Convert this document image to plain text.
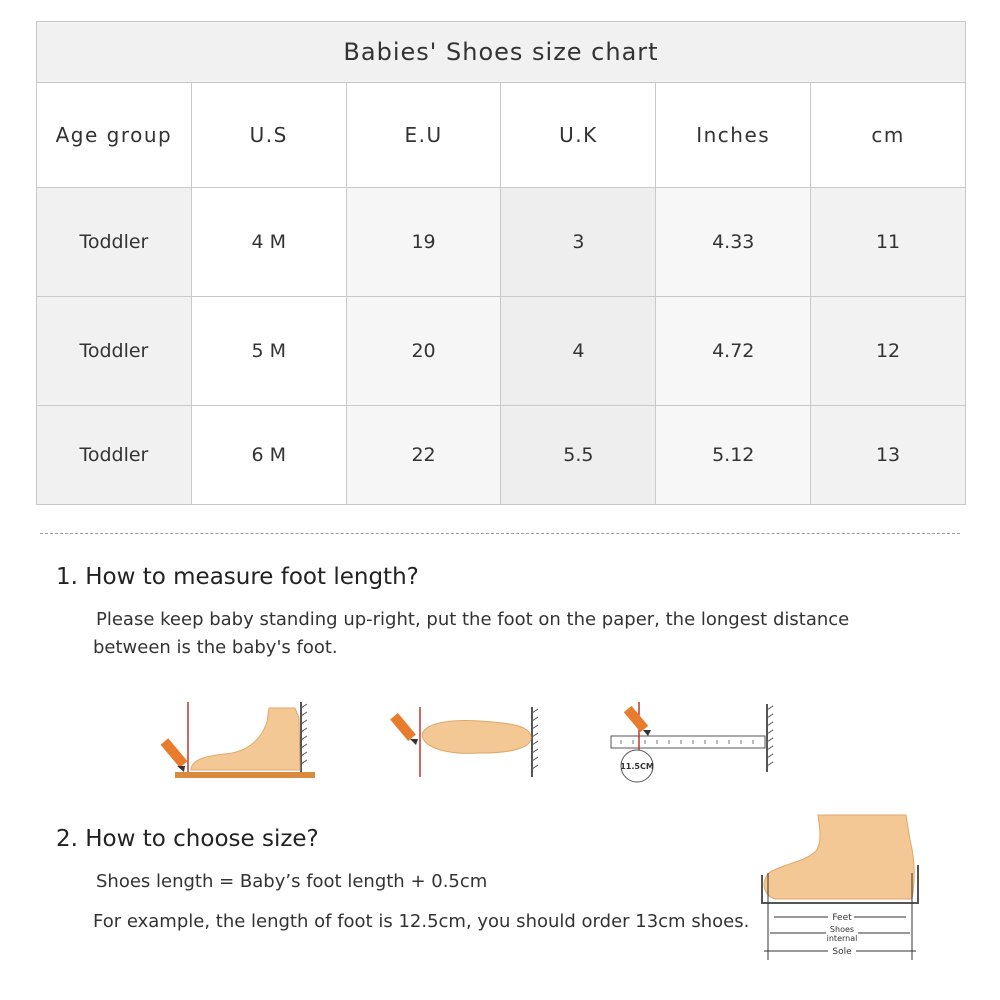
Babies' Shoes size chart					
Age group	U.S	E.U	U.K	Inches	cm
Toddler	4 M	19	3	4.33	11
Toddler	5 M	20	4	4.72	12
Toddler	6 M	22	5.5	5.12	13
1. How to measure foot length?
Please keep baby standing up-right, put the foot on the paper, the longest distance
between is the baby's foot.
11.5CM
2. How to choose size?
Shoes length = Baby’s foot length + 0.5cm
For example, the length of foot is 12.5cm, you should order 13cm shoes.	Feet
Shoes
internal
Sole
